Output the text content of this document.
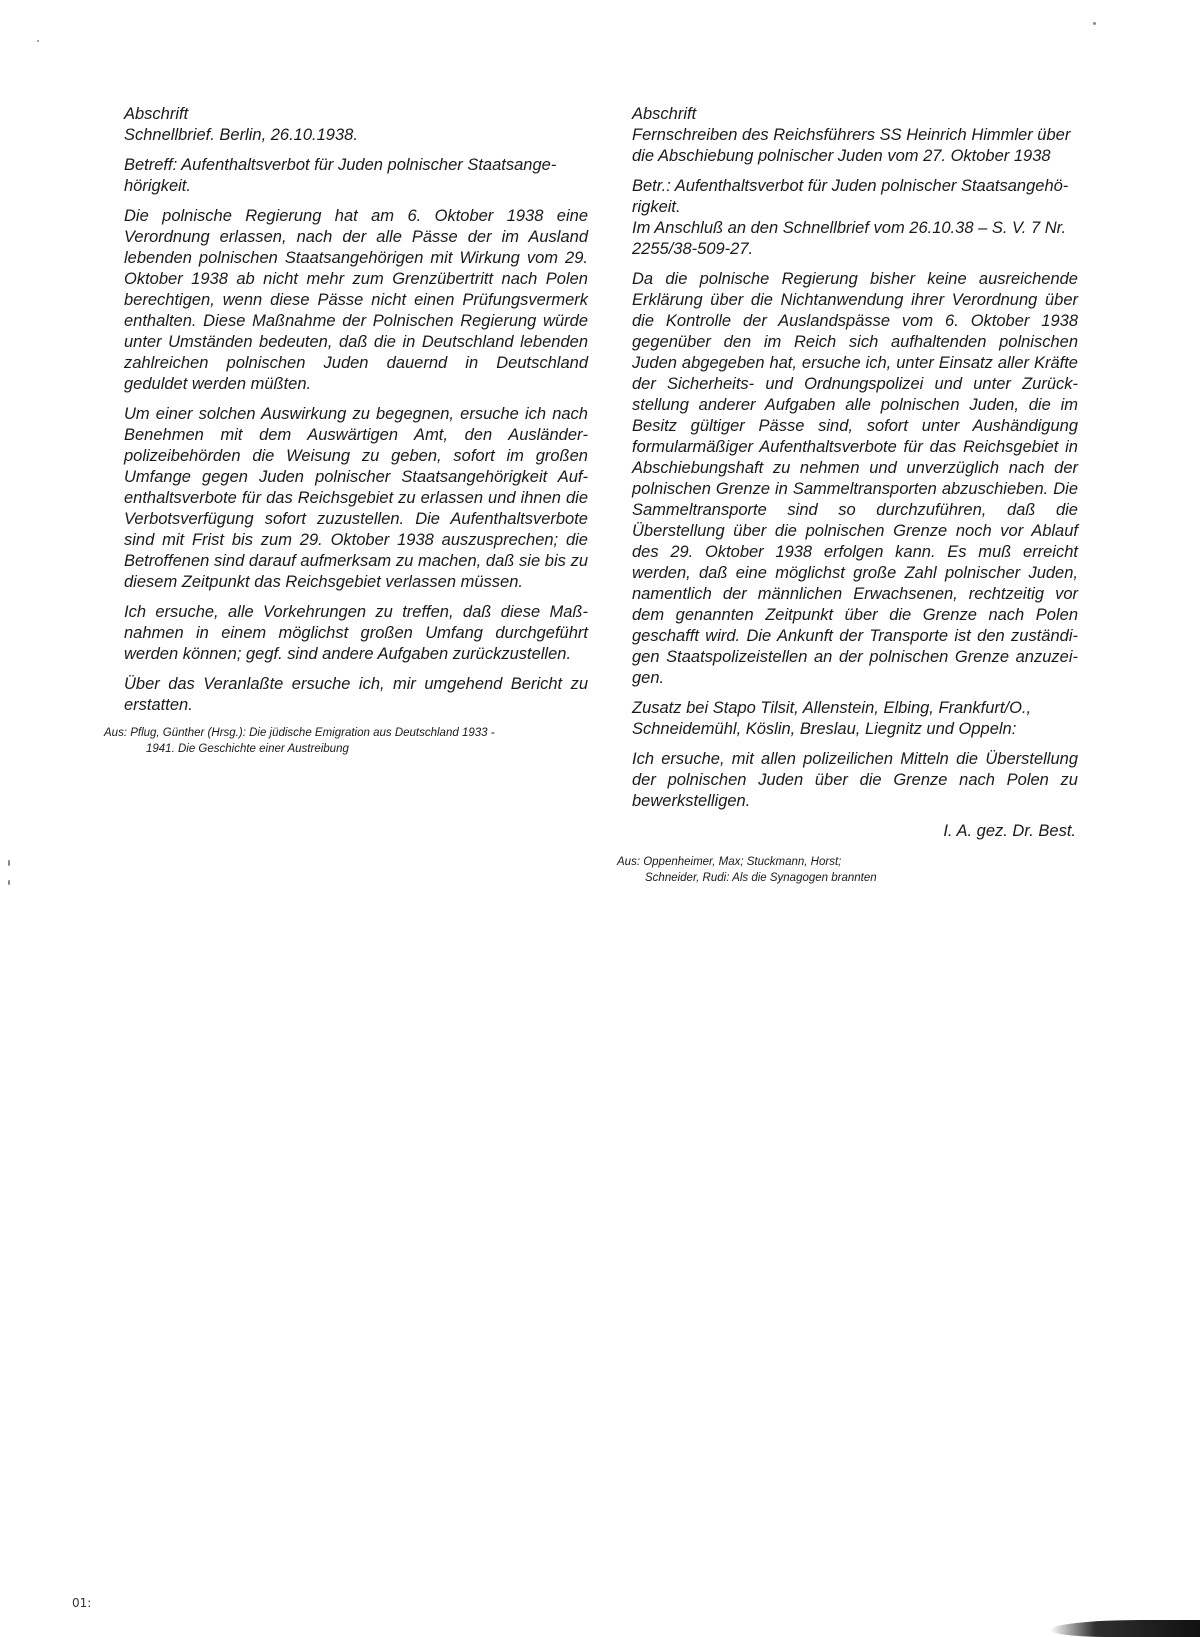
Abschrift

Schnellbrief. Berlin, 26.10.1938.

Betreff: Aufenthaltsverbot für Juden polnischer Staatsangehörigkeit.

Die polnische Regierung hat am 6. Oktober 1938 eine Verordnung erlassen, nach der alle Pässe der im Ausland lebenden polnischen Staatsangehörigen mit Wirkung vom 29. Oktober 1938 ab nicht mehr zum Grenzübertritt nach Polen berechtigen, wenn diese Pässe nicht einen Prüfungsvermerk enthalten. Diese Maßnahme der Polnischen Regierung würde unter Umständen bedeuten, daß die in Deutschland lebenden zahlreichen polnischen Juden dauernd in Deutschland geduldet werden müßten.

Um einer solchen Auswirkung zu begegnen, ersuche ich nach Benehmen mit dem Auswärtigen Amt, den Ausländerpolizeibehörden die Weisung zu geben, sofort im großen Umfange gegen Juden polnischer Staatsangehörigkeit Aufenthaltsverbote für das Reichsgebiet zu erlassen und ihnen die Verbotsverfügung sofort zuzustellen. Die Aufenthaltsverbote sind mit Frist bis zum 29. Oktober 1938 auszusprechen; die Betroffenen sind darauf aufmerksam zu machen, daß sie bis zu diesem Zeitpunkt das Reichsgebiet verlassen müssen.

Ich ersuche, alle Vorkehrungen zu treffen, daß diese Maßnahmen in einem möglichst großen Umfang durchgeführt werden können; gegf. sind andere Aufgaben zurückzustellen.

Über das Veranlaßte ersuche ich, mir umgehend Bericht zu erstatten.

Aus: Pflug, Günther (Hrsg.): Die jüdische Emigration aus Deutschland 1933 -
1941. Die Geschichte einer Austreibung

Abschrift

Fernschreiben des Reichsführers SS Heinrich Himmler über die Abschiebung polnischer Juden vom 27. Oktober 1938

Betr.: Aufenthaltsverbot für Juden polnischer Staatsangehörigkeit.

Im Anschluß an den Schnellbrief vom 26.10.38 – S. V. 7 Nr. 2255/38-509-27.

Da die polnische Regierung bisher keine ausreichende Erklärung über die Nichtanwendung ihrer Verordnung über die Kontrolle der Auslandspässe vom 6. Oktober 1938 gegenüber den im Reich sich aufhaltenden polnischen Juden abgegeben hat, ersuche ich, unter Einsatz aller Kräfte der Sicherheits- und Ordnungspolizei und unter Zurückstellung anderer Aufgaben alle polnischen Juden, die im Besitz gültiger Pässe sind, sofort unter Aushändigung formularmäßiger Aufenthaltsverbote für das Reichsgebiet in Abschiebungshaft zu nehmen und unverzüglich nach der polnischen Grenze in Sammeltransporten abzuschieben. Die Sammeltransporte sind so durchzuführen, daß die Überstellung über die polnischen Grenze noch vor Ablauf des 29. Oktober 1938 erfolgen kann. Es muß erreicht werden, daß eine möglichst große Zahl polnischer Juden, namentlich der männlichen Erwachsenen, rechtzeitig vor dem genannten Zeitpunkt über die Grenze nach Polen geschafft wird. Die Ankunft der Transporte ist den zuständigen Staatspolizeistellen an der polnischen Grenze anzuzeigen.

Zusatz bei Stapo Tilsit, Allenstein, Elbing, Frankfurt/O., Schneidemühl, Köslin, Breslau, Liegnitz und Oppeln:

Ich ersuche, mit allen polizeilichen Mitteln die Überstellung der polnischen Juden über die Grenze nach Polen zu bewerkstelligen.

I. A. gez. Dr. Best.

Aus: Oppenheimer, Max; Stuckmann, Horst;
Schneider, Rudi: Als die Synagogen brannten
01:
